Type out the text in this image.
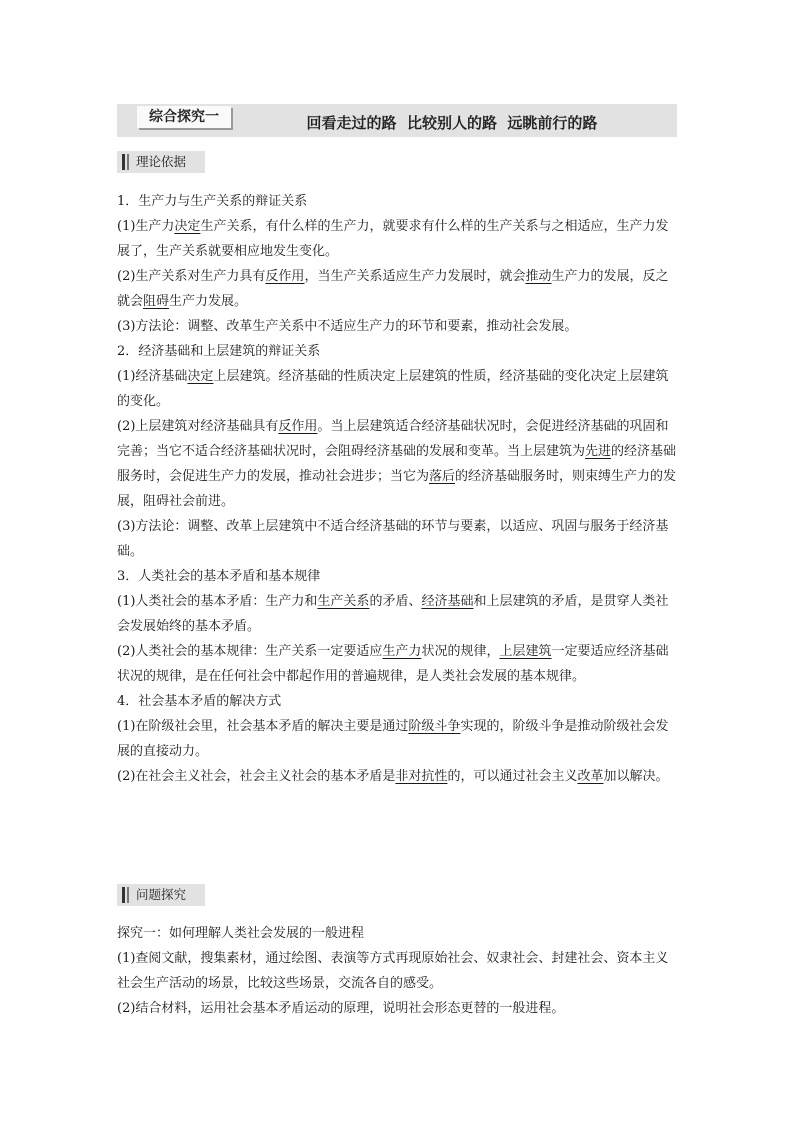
综合探究一	回看走过的路  比较别人的路  远眺前行的路
理论依据

1．生产力与生产关系的辩证关系

(1)生产力决定生产关系，有什么样的生产力，就要求有什么样的生产关系与之相适应，生产力发展了，生产关系就要相应地发生变化。

(2)生产关系对生产力具有反作用，当生产关系适应生产力发展时，就会推动生产力的发展，反之就会阻碍生产力发展。

(3)方法论：调整、改革生产关系中不适应生产力的环节和要素，推动社会发展。

2．经济基础和上层建筑的辩证关系

(1)经济基础决定上层建筑。经济基础的性质决定上层建筑的性质，经济基础的变化决定上层建筑的变化。

(2)上层建筑对经济基础具有反作用。当上层建筑适合经济基础状况时，会促进经济基础的巩固和完善；当它不适合经济基础状况时，会阻碍经济基础的发展和变革。当上层建筑为先进的经济基础服务时，会促进生产力的发展，推动社会进步；当它为落后的经济基础服务时，则束缚生产力的发展，阻碍社会前进。

(3)方法论：调整、改革上层建筑中不适合经济基础的环节与要素，以适应、巩固与服务于经济基础。

3．人类社会的基本矛盾和基本规律

(1)人类社会的基本矛盾：生产力和生产关系的矛盾、经济基础和上层建筑的矛盾，是贯穿人类社会发展始终的基本矛盾。

(2)人类社会的基本规律：生产关系一定要适应生产力状况的规律，上层建筑一定要适应经济基础状况的规律，是在任何社会中都起作用的普遍规律，是人类社会发展的基本规律。

4．社会基本矛盾的解决方式

(1)在阶级社会里，社会基本矛盾的解决主要是通过阶级斗争实现的，阶级斗争是推动阶级社会发展的直接动力。

(2)在社会主义社会，社会主义社会的基本矛盾是非对抗性的，可以通过社会主义改革加以解决。

问题探究

探究一：如何理解人类社会发展的一般进程

(1)查阅文献，搜集素材，通过绘图、表演等方式再现原始社会、奴隶社会、封建社会、资本主义社会生产活动的场景，比较这些场景，交流各自的感受。

(2)结合材料，运用社会基本矛盾运动的原理，说明社会形态更替的一般进程。
